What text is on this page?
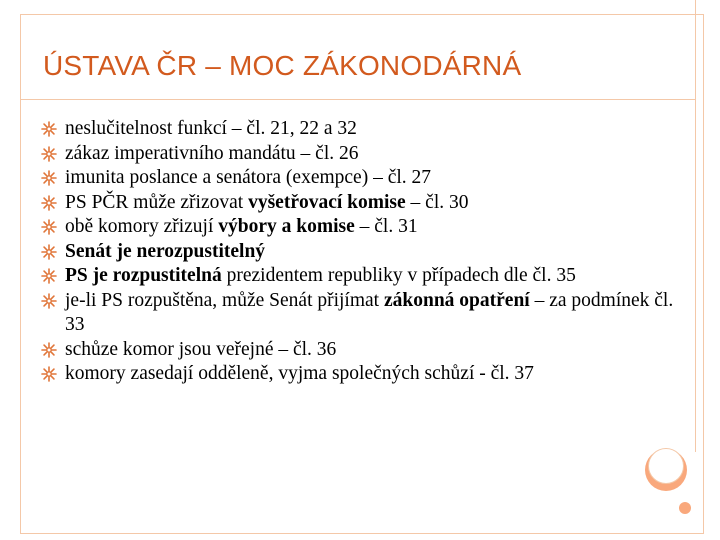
ÚSTAVA ČR – MOC ZÁKONODÁRNÁ
neslučitelnost funkcí – čl. 21, 22 a 32
zákaz imperativního mandátu – čl. 26
imunita poslance a senátora (exempce) – čl. 27
PS PČR může zřizovat vyšetřovací komise – čl. 30
obě komory zřizují výbory a komise – čl. 31
Senát je nerozpustitelný
PS je rozpustitelná prezidentem republiky v případech dle čl. 35
je-li PS rozpuštěna, může Senát přijímat zákonná opatření – za podmínek čl. 33
schůze komor jsou veřejné – čl. 36
komory zasedají odděleně, vyjma společných schůzí - čl. 37
